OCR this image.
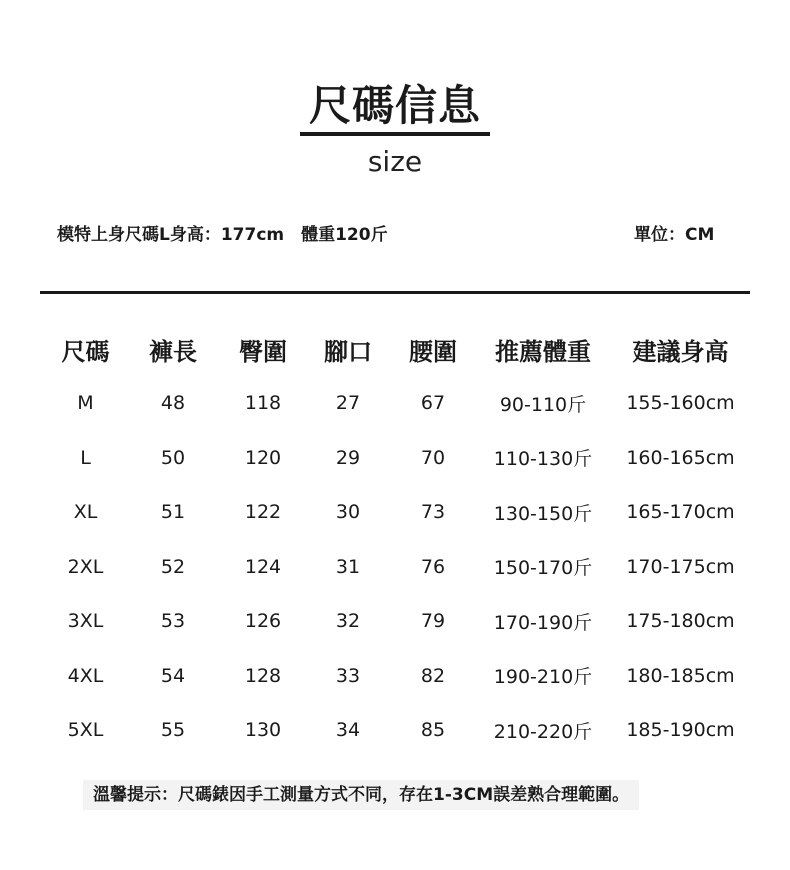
尺碼信息
size
模特上身尺碼L身高：177cm　體重120斤	單位：CM
尺碼	褲長	臀圍	腳口	腰圍	推薦體重	建議身高
M	48	118	27	67	90-110斤	155-160cm
L	50	120	29	70	110-130斤	160-165cm
XL	51	122	30	73	130-150斤	165-170cm
2XL	52	124	31	76	150-170斤	170-175cm
3XL	53	126	32	79	170-190斤	175-180cm
4XL	54	128	33	82	190-210斤	180-185cm
5XL	55	130	34	85	210-220斤	185-190cm
溫馨提示：尺碼錶因手工測量方式不同，存在1-3CM誤差熟合理範圍。
